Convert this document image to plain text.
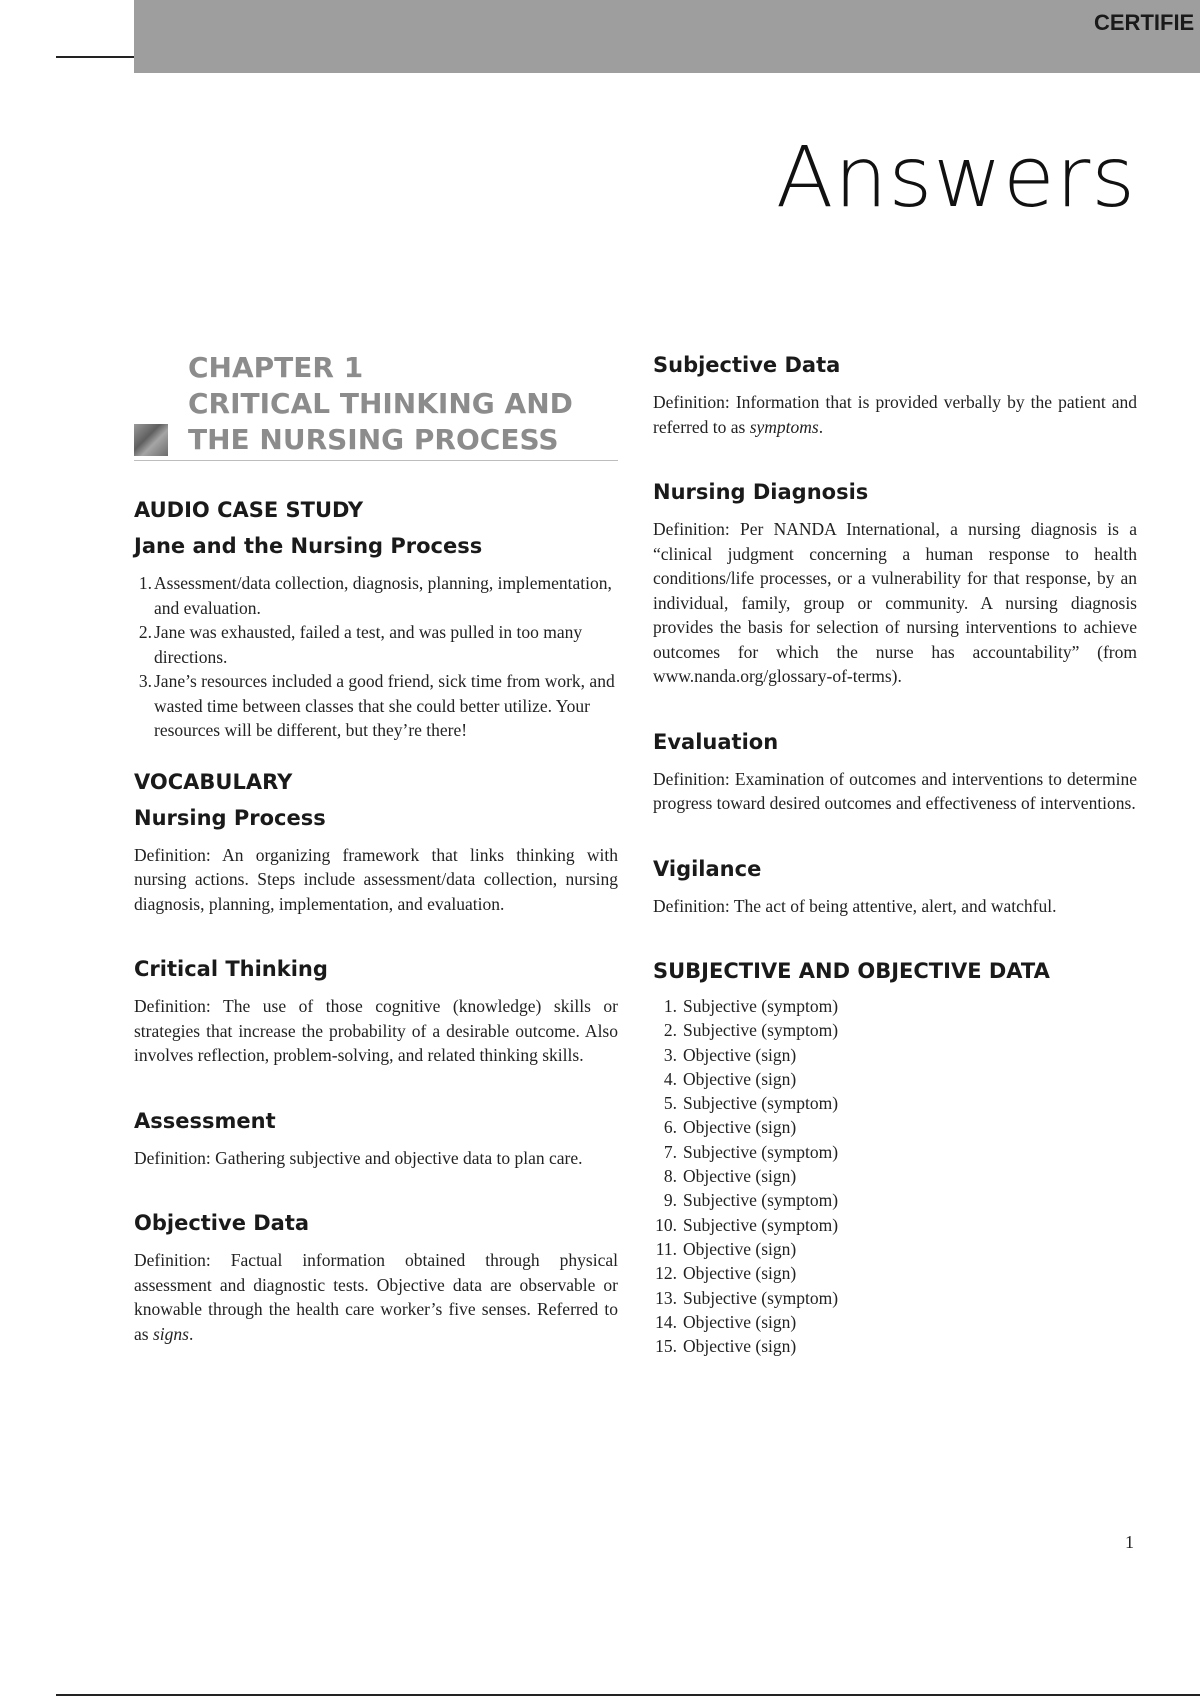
CERTIFIE
Answers
CHAPTER 1
CRITICAL THINKING AND
THE NURSING PROCESS
AUDIO CASE STUDY
Jane and the Nursing Process
1. Assessment/data collection, diagnosis, planning, implementation, and evaluation.
2. Jane was exhausted, failed a test, and was pulled in too many directions.
3. Jane’s resources included a good friend, sick time from work, and wasted time between classes that she could better utilize. Your resources will be different, but they’re there!
VOCABULARY
Nursing Process

Definition: An organizing framework that links thinking with nursing actions. Steps include assessment/data collection, nursing diagnosis, planning, implementation, and evaluation.

Critical Thinking

Definition: The use of those cognitive (knowledge) skills or strategies that increase the probability of a desirable outcome. Also involves reflection, problem-solving, and related thinking skills.

Assessment

Definition: Gathering subjective and objective data to plan care.

Objective Data

Definition: Factual information obtained through physical assessment and diagnostic tests. Objective data are observable or knowable through the health care worker’s five senses. Referred to as signs.

Subjective Data

Definition: Information that is provided verbally by the patient and referred to as symptoms.

Nursing Diagnosis

Definition: Per NANDA International, a nursing diagnosis is a “clinical judgment concerning a human response to health conditions/life processes, or a vulnerability for that response, by an individual, family, group or community. A nursing diagnosis provides the basis for selection of nursing interventions to achieve outcomes for which the nurse has accountability” (from www.nanda.org/glossary-of-terms).

Evaluation

Definition: Examination of outcomes and interventions to determine progress toward desired outcomes and effectiveness of interventions.

Vigilance

Definition: The act of being attentive, alert, and watchful.

SUBJECTIVE AND OBJECTIVE DATA
1. Subjective (symptom)
2. Subjective (symptom)
3. Objective (sign)
4. Objective (sign)
5. Subjective (symptom)
6. Objective (sign)
7. Subjective (symptom)
8. Objective (sign)
9. Subjective (symptom)
10. Subjective (symptom)
11. Objective (sign)
12. Objective (sign)
13. Subjective (symptom)
14. Objective (sign)
15. Objective (sign)
1
